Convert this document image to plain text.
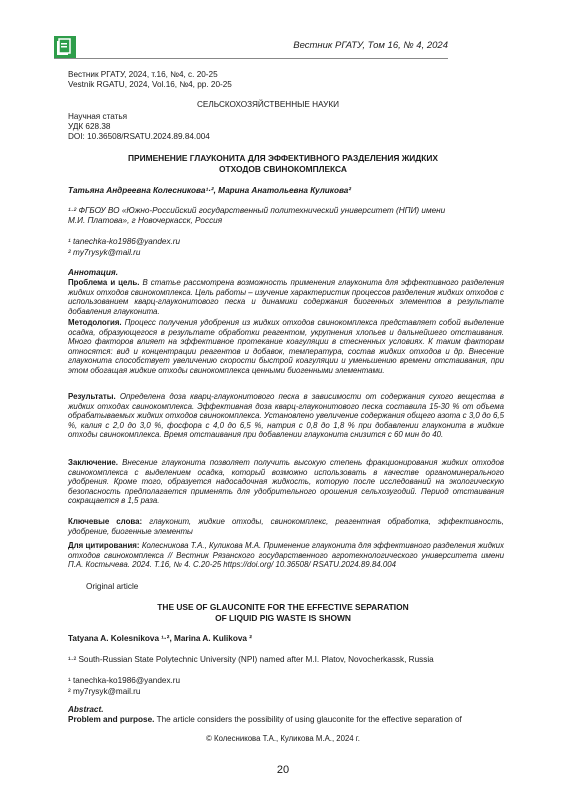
Вестник РГАТУ, Том 16, № 4, 2024
Вестник РГАТУ, 2024, т.16, №4, с. 20-25
Vestnik RGATU, 2024, Vol.16, №4, pp. 20-25
СЕЛЬСКОХОЗЯЙСТВЕННЫЕ НАУКИ
Научная статья
УДК 628.38
DOI: 10.36508/RSATU.2024.89.84.004
ПРИМЕНЕНИЕ ГЛАУКОНИТА ДЛЯ ЭФФЕКТИВНОГО РАЗДЕЛЕНИЯ ЖИДКИХ
ОТХОДОВ СВИНОКОМПЛЕКСА
Татьяна Андреевна Колесникова¹·², Марина Анатольевна Куликова²
¹·² ФГБОУ ВО «Южно-Российский государственный политехнический университет (НПИ) имени
М.И. Платова», г Новочеркасск, Россия
¹ tanechka-ko1986@yandex.ru
² my7rysyk@mail.ru
Аннотация.
Проблема и цель. В статье рассмотрена возможность применения глауконита для эффективного разделения жидких отходов свинокомплекса. Цель работы – изучение характеристик процессов разделения жидких отходов с использованием кварц-глауконитового песка и динамики содержания биогенных элементов в результате добавления глауконита.
Методология. Процесс получения удобрения из жидких отходов свинокомплекса представляет собой выделение осадка, образующегося в результате обработки реагентом, укрупнения хлопьев и дальнейшего отстаивания. Много факторов влияет на эффективное протекание коагуляции в стесненных условиях. К таким факторам относятся: вид и концентрации реагентов и добавок, температура, состав жидких отходов и др. Внесение глауконита способствует увеличению скорости быстрой коагуляции и уменьшению времени отстаивания, при этом обогащая жидкие отходы свинокомплекса ценными биогенными элементами.
Результаты. Определена доза кварц-глауконитового песка в зависимости от содержания сухого вещества в жидких отходах свинокомплекса. Эффективная доза кварц-глауконитового песка составила 15-30 % от объема обрабатываемых жидких отходов свинокомплекса. Установлено увеличение содержания общего азота с 3,0 до 6,5 %, калия с 2,0 до 3,0 %, фосфора с 4,0 до 6,5 %, натрия с 0,8 до 1,8 % при добавлении глауконита в жидкие отходы свинокомплекса. Время отстаивания при добавлении глауконита снизится с 60 мин до 40.
Заключение. Внесение глауконита позволяет получить высокую степень фракционирования жидких отходов свинокомплекса с выделением осадка, который возможно использовать в качестве органоминерального удобрения. Кроме того, образуется надосадочная жидкость, которую после исследований на экологическую безопасность предполагается применять для удобрительного орошения сельхозугодий. Период отстаивания сокращается в 1,5 раза.
Ключевые слова: глауконит, жидкие отходы, свинокомплекс, реагентная обработка, эффективность, удобрение, биогенные элементы
Для цитирования: Колесникова Т.А., Куликова М.А. Применение глауконита для эффективного разделения жидких отходов свинокомплекса // Вестник Рязанского государственного агротехнологического университета имени П.А. Костычева. 2024. Т.16, № 4. С.20-25 https://doi.org/ 10.36508/ RSATU.2024.89.84.004
Original article
THE USE OF GLAUCONITE FOR THE EFFECTIVE SEPARATION
OF LIQUID PIG WASTE IS SHOWN
Tatyana A. Kolesnikova ¹·², Marina A. Kulikova ²
¹·² South-Russian State Polytechnic University (NPI) named after M.I. Platov, Novocherkassk, Russia
¹ tanechka-ko1986@yandex.ru
² my7rysyk@mail.ru
Abstract.
Problem and purpose. The article considers the possibility of using glauconite for the effective separation of
© Колесникова Т.А., Куликова М.А., 2024 г.
20
